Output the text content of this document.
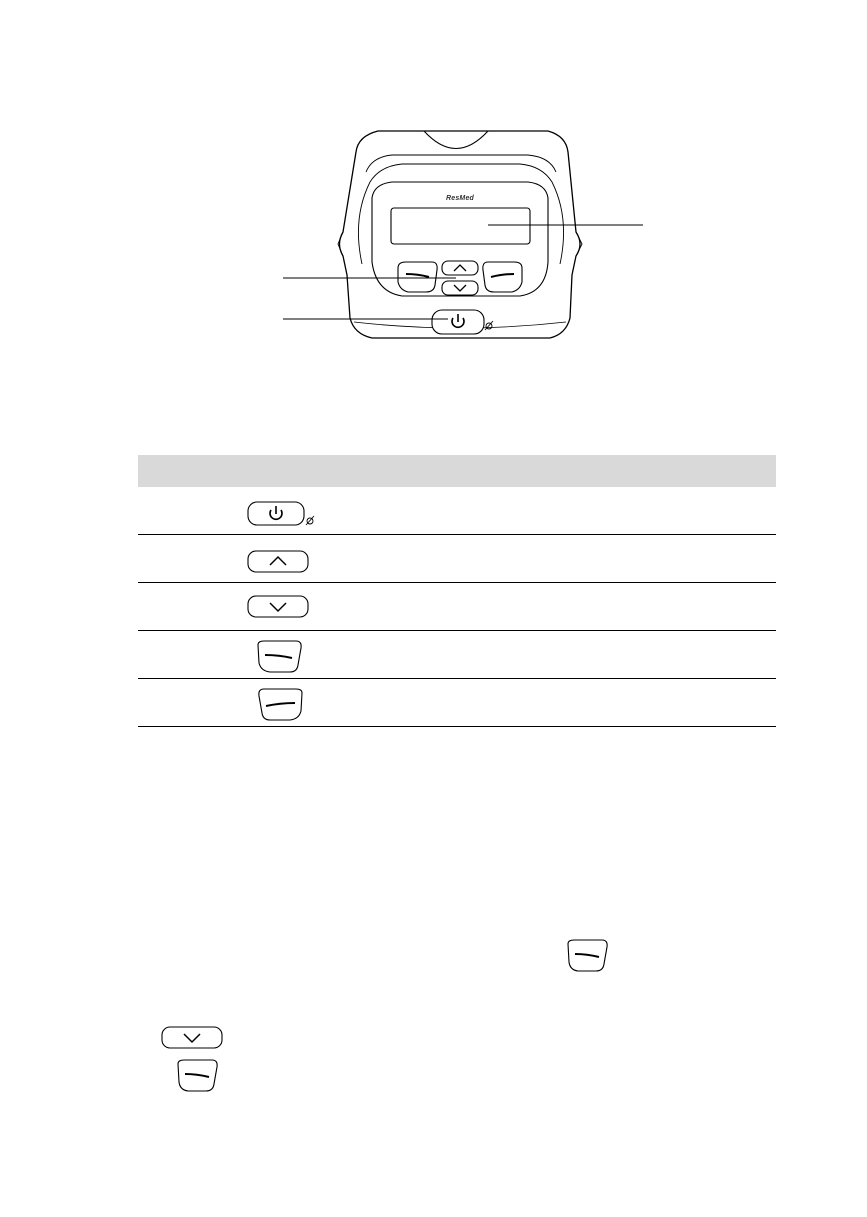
ResMed
